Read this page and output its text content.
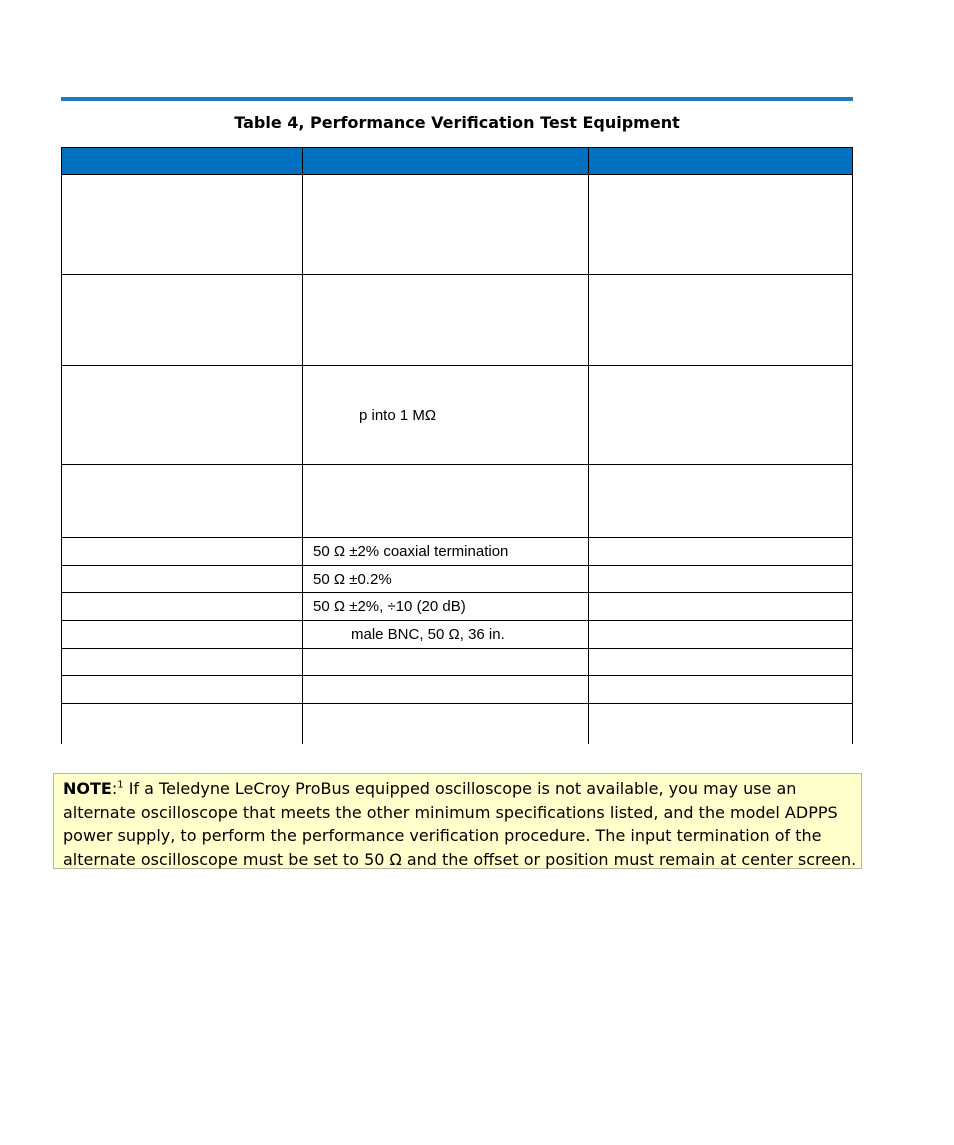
Table 4, Performance Verification Test Equipment

	p into 1 MΩ	

	50 Ω ±2% coaxial termination	
	50 Ω ±0.2%	
	50 Ω ±2%, ÷10 (20 dB)	
	male BNC, 50 Ω, 36 in.	

NOTE:$^1$ If a Teledyne LeCroy ProBus equipped oscilloscope is not available, you may use an alternate oscilloscope that meets the other minimum specifications listed, and the model ADPPS power supply, to perform the performance verification procedure. The input termination of the alternate oscilloscope must be set to 50 Ω and the offset or position must remain at center screen.
